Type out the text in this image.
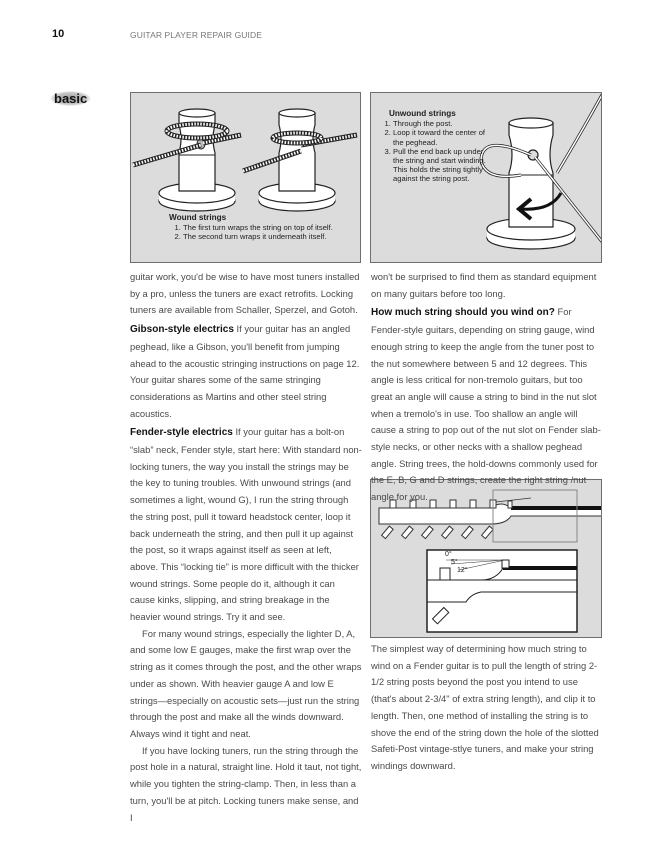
10	GUITAR PLAYER REPAIR GUIDE
basic
Wound strings
1. The first turn wraps the string on top of itself.
2. The second turn wraps it underneath itself.
Unwound strings
1. Through the post.
2. Loop it toward the center of the peghead.
3. Pull the end back up under the string and start winding. This holds the string tightly against the string post.
0°
5°
12°

guitar work, you'd be wise to have most tuners installed by a pro, unless the tuners are exact retrofits. Locking tuners are available from Schaller, Sperzel, and Gotoh.

Gibson-style electrics If your guitar has an angled peghead, like a Gibson, you'll benefit from jumping ahead to the acoustic stringing instructions on page 12. Your guitar shares some of the same stringing considerations as Martins and other steel string acoustics.

Fender-style electrics If your guitar has a bolt-on “slab” neck, Fender style, start here: With standard non-locking tuners, the way you install the strings may be the key to tuning troubles. With unwound strings (and sometimes a light, wound G), I run the string through the string post, pull it toward headstock center, loop it back underneath the string, and then pull it up against the post, so it wraps against itself as seen at left, above. This “locking tie” is more difficult with the thicker wound strings. Some people do it, although it can cause kinks, slipping, and string breakage in the heavier wound strings. Try it and see.

For many wound strings, especially the lighter D, A, and some low E gauges, make the first wrap over the string as it comes through the post, and the other wraps under as shown. With heavier gauge A and low E strings—especially on acoustic sets—just run the string through the post and make all the winds downward. Always wind it tight and neat.

If you have locking tuners, run the string through the post hole in a natural, straight line. Hold it taut, not tight, while you tighten the string-clamp. Then, in less than a turn, you'll be at pitch. Locking tuners make sense, and I

won't be surprised to find them as standard equipment on many guitars before too long.

How much string should you wind on? For Fender-style guitars, depending on string gauge, wind enough string to keep the angle from the tuner post to the nut somewhere between 5 and 12 degrees. This angle is less critical for non-tremolo guitars, but too great an angle will cause a string to bind in the nut slot when a tremolo's in use. Too shallow an angle will cause a string to pop out of the nut slot on Fender slab-style necks, or other necks with a shallow peghead angle. String trees, the hold-downs commonly used for the E, B, G and D strings, create the right string /nut angle for you.

The simplest way of determining how much string to wind on a Fender guitar is to pull the length of string 2-1/2 string posts beyond the post you intend to use (that's about 2-3/4" of extra string length), and clip it to length. Then, one method of installing the string is to shove the end of the string down the hole of the slotted Safeti-Post vintage-stlye tuners, and make your string windings downward.
